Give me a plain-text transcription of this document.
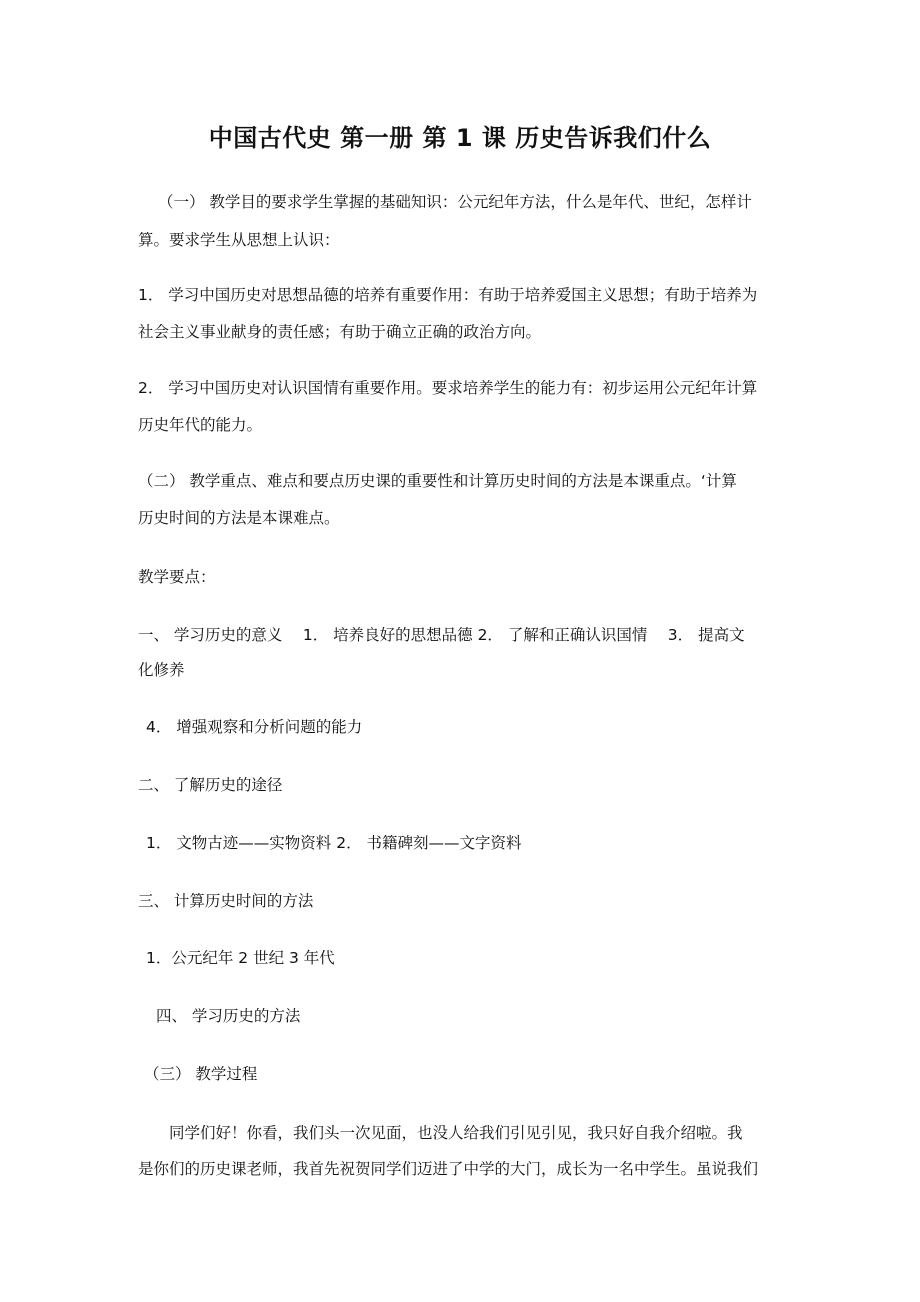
中国古代史 第一册 第 1 课 历史告诉我们什么
（一） 教学目的要求学生掌握的基础知识：公元纪年方法，什么是年代、世纪，怎样计
算。要求学生从思想上认识：
1． 学习中国历史对思想品德的培养有重要作用：有助于培养爱国主义思想；有助于培养为
社会主义事业献身的责任感；有助于确立正确的政治方向。
2． 学习中国历史对认识国情有重要作用。要求培养学生的能力有：初步运用公元纪年计算
历史年代的能力。
（二） 教学重点、难点和要点历史课的重要性和计算历史时间的方法是本课重点。‘计算
历史时间的方法是本课难点。
教学要点：
一、 学习历史的意义　 1． 培养良好的思想品德 2． 了解和正确认识国情　 3． 提高文
化修养
4． 增强观察和分析问题的能力
二、 了解历史的途径
1． 文物古迹——实物资料 2． 书籍碑刻——文字资料
三、 计算历史时间的方法
1．公元纪年 2 世纪 3 年代
四、 学习历史的方法
（三） 教学过程
　　同学们好！你看，我们头一次见面，也没人给我们引见引见，我只好自我介绍啦。我
是你们的历史课老师，我首先祝贺同学们迈进了中学的大门，成长为一名中学生。虽说我们
